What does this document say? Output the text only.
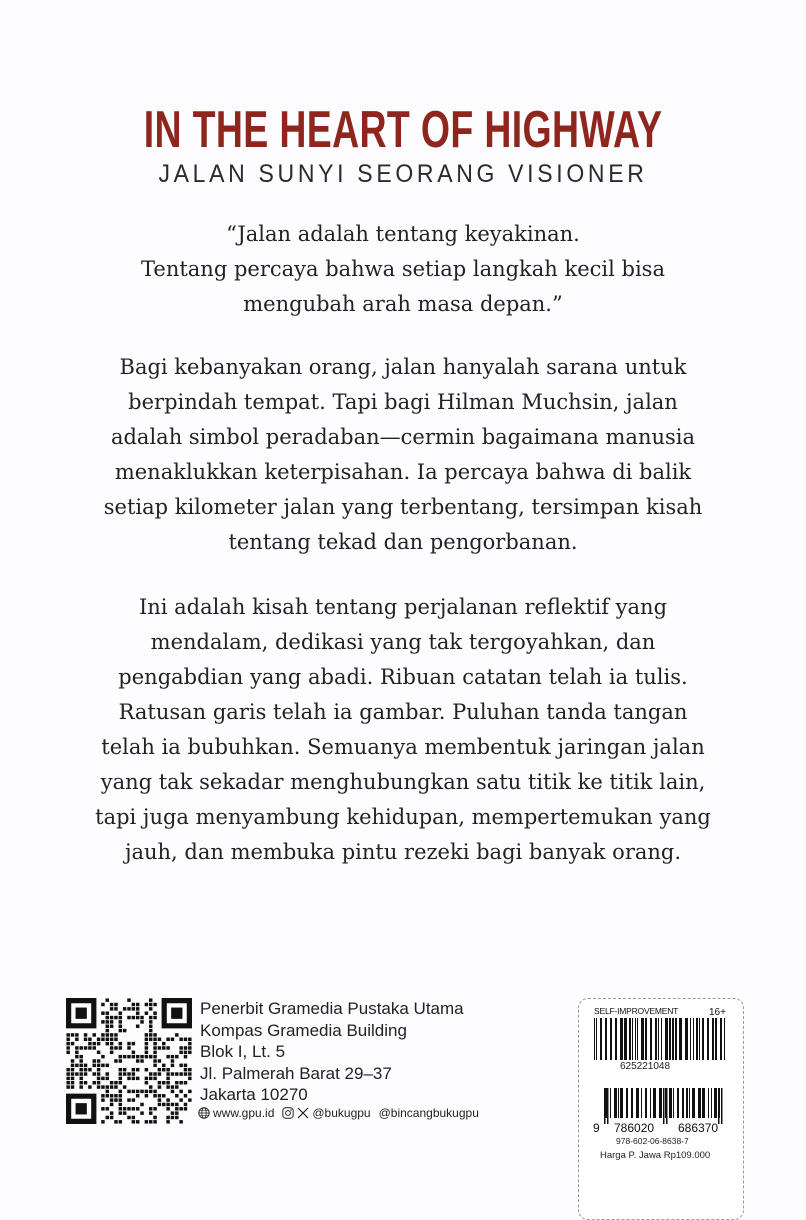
IN THE HEART OF HIGHWAY
JALAN SUNYI SEORANG VISIONER
“Jalan adalah tentang keyakinan.
Tentang percaya bahwa setiap langkah kecil bisa
mengubah arah masa depan.”
Bagi kebanyakan orang, jalan hanyalah sarana untuk
berpindah tempat. Tapi bagi Hilman Muchsin, jalan
adalah simbol peradaban—cermin bagaimana manusia
menaklukkan keterpisahan. Ia percaya bahwa di balik
setiap kilometer jalan yang terbentang, tersimpan kisah
tentang tekad dan pengorbanan.
Ini adalah kisah tentang perjalanan reflektif yang
mendalam, dedikasi yang tak tergoyahkan, dan
pengabdian yang abadi. Ribuan catatan telah ia tulis.
Ratusan garis telah ia gambar. Puluhan tanda tangan
telah ia bubuhkan. Semuanya membentuk jaringan jalan
yang tak sekadar menghubungkan satu titik ke titik lain,
tapi juga menyambung kehidupan, mempertemukan yang
jauh, dan membuka pintu rezeki bagi banyak orang.
Penerbit Gramedia Pustaka Utama
Kompas Gramedia Building
Blok I, Lt. 5
Jl. Palmerah Barat 29–37
Jakarta 10270
www.gpu.id	@bukugpu @bincangbukugpu
SELF-IMPROVEMENT	16+
625221048
9 786020 686370
978-602-06-8638-7
Harga P. Jawa Rp109.000
